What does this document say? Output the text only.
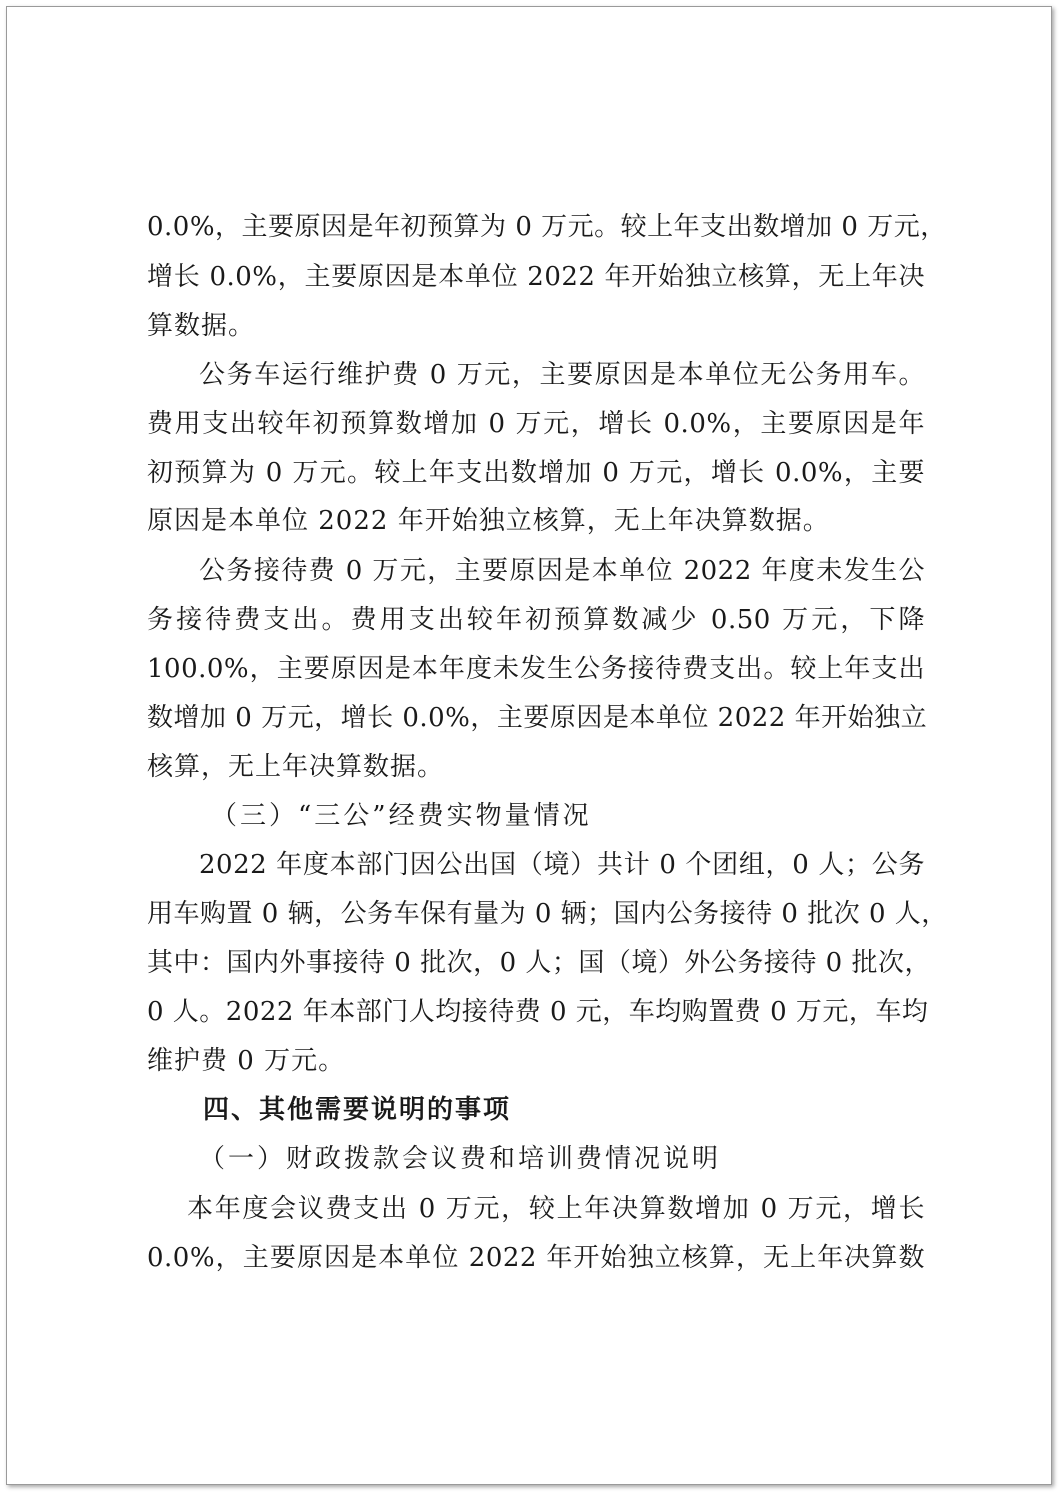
0.0%，主要原因是年初预算为 0 万元。较上年支出数增加 0 万元，
增长 0.0%，主要原因是本单位 2022 年开始独立核算，无上年决
算数据。
公务车运行维护费 0 万元，主要原因是本单位无公务用车。
费用支出较年初预算数增加 0 万元，增长 0.0%，主要原因是年
初预算为 0 万元。较上年支出数增加 0 万元，增长 0.0%，主要
原因是本单位 2022 年开始独立核算，无上年决算数据。
公务接待费 0 万元，主要原因是本单位 2022 年度未发生公
务接待费支出。费用支出较年初预算数减少 0.50 万元，下降
100.0%，主要原因是本年度未发生公务接待费支出。较上年支出
数增加 0 万元，增长 0.0%，主要原因是本单位 2022 年开始独立
核算，无上年决算数据。
（三）“三公”经费实物量情况
2022 年度本部门因公出国（境）共计 0 个团组，0 人；公务
用车购置 0 辆，公务车保有量为 0 辆；国内公务接待 0 批次 0 人，
其中：国内外事接待 0 批次，0 人；国（境）外公务接待 0 批次，
0 人。2022 年本部门人均接待费 0 元，车均购置费 0 万元，车均
维护费 0 万元。
四、其他需要说明的事项
（一）财政拨款会议费和培训费情况说明
本年度会议费支出 0 万元，较上年决算数增加 0 万元，增长
0.0%，主要原因是本单位 2022 年开始独立核算，无上年决算数
